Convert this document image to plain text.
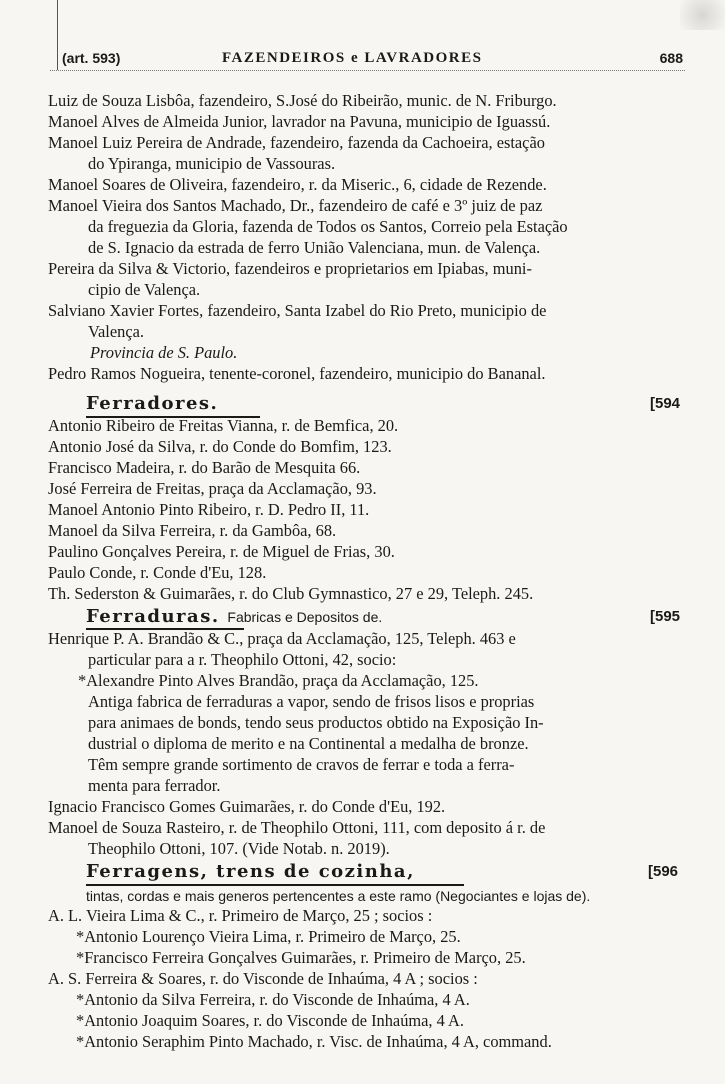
(art. 593)	FAZENDEIROS e LAVRADORES	688
Luiz de Souza Lisbôa, fazendeiro, S.José do Ribeirão, munic. de N. Friburgo.
Manoel Alves de Almeida Junior, lavrador na Pavuna, municipio de Iguassú.
Manoel Luiz Pereira de Andrade, fazendeiro, fazenda da Cachoeira, estação
do Ypiranga, municipio de Vassouras.
Manoel Soares de Oliveira, fazendeiro, r. da Miseric., 6, cidade de Rezende.
Manoel Vieira dos Santos Machado, Dr., fazendeiro de café e 3º juiz de paz
da freguezia da Gloria, fazenda de Todos os Santos, Correio pela Estação
de S. Ignacio da estrada de ferro União Valenciana, mun. de Valença.
Pereira da Silva & Victorio, fazendeiros e proprietarios em Ipiabas, muni-
cipio de Valença.
Salviano Xavier Fortes, fazendeiro, Santa Izabel do Rio Preto, municipio de
Valença.
Provincia de S. Paulo.
Pedro Ramos Nogueira, tenente-coronel, fazendeiro, municipio do Bananal.
Ferradores.	[594
Antonio Ribeiro de Freitas Vianna, r. de Bemfica, 20.
Antonio José da Silva, r. do Conde do Bomfim, 123.
Francisco Madeira, r. do Barão de Mesquita 66.
José Ferreira de Freitas, praça da Acclamação, 93.
Manoel Antonio Pinto Ribeiro, r. D. Pedro II, 11.
Manoel da Silva Ferreira, r. da Gambôa, 68.
Paulino Gonçalves Pereira, r. de Miguel de Frias, 30.
Paulo Conde, r. Conde d'Eu, 128.
Th. Sederston & Guimarães, r. do Club Gymnastico, 27 e 29, Teleph. 245.
Ferraduras. Fabricas e Depositos de.	[595
Henrique P. A. Brandão & C., praça da Acclamação, 125, Teleph. 463 e
particular para a r. Theophilo Ottoni, 42, socio:
*Alexandre Pinto Alves Brandão, praça da Acclamação, 125.
Antiga fabrica de ferraduras a vapor, sendo de frisos lisos e proprias
para animaes de bonds, tendo seus productos obtido na Exposição In-
dustrial o diploma de merito e na Continental a medalha de bronze.
Têm sempre grande sortimento de cravos de ferrar e toda a ferra-
menta para ferrador.
Ignacio Francisco Gomes Guimarães, r. do Conde d'Eu, 192.
Manoel de Souza Rasteiro, r. de Theophilo Ottoni, 111, com deposito á r. de
Theophilo Ottoni, 107. (Vide Notab. n. 2019).
Ferragens, trens de cozinha,	[596
tintas, cordas e mais generos pertencentes a este ramo (Negociantes e lojas de).
A. L. Vieira Lima & C., r. Primeiro de Março, 25 ; socios :
*Antonio Lourenço Vieira Lima, r. Primeiro de Março, 25.
*Francisco Ferreira Gonçalves Guimarães, r. Primeiro de Março, 25.
A. S. Ferreira & Soares, r. do Visconde de Inhaúma, 4 A ; socios :
*Antonio da Silva Ferreira, r. do Visconde de Inhaúma, 4 A.
*Antonio Joaquim Soares, r. do Visconde de Inhaúma, 4 A.
*Antonio Seraphim Pinto Machado, r. Visc. de Inhaúma, 4 A, command.
